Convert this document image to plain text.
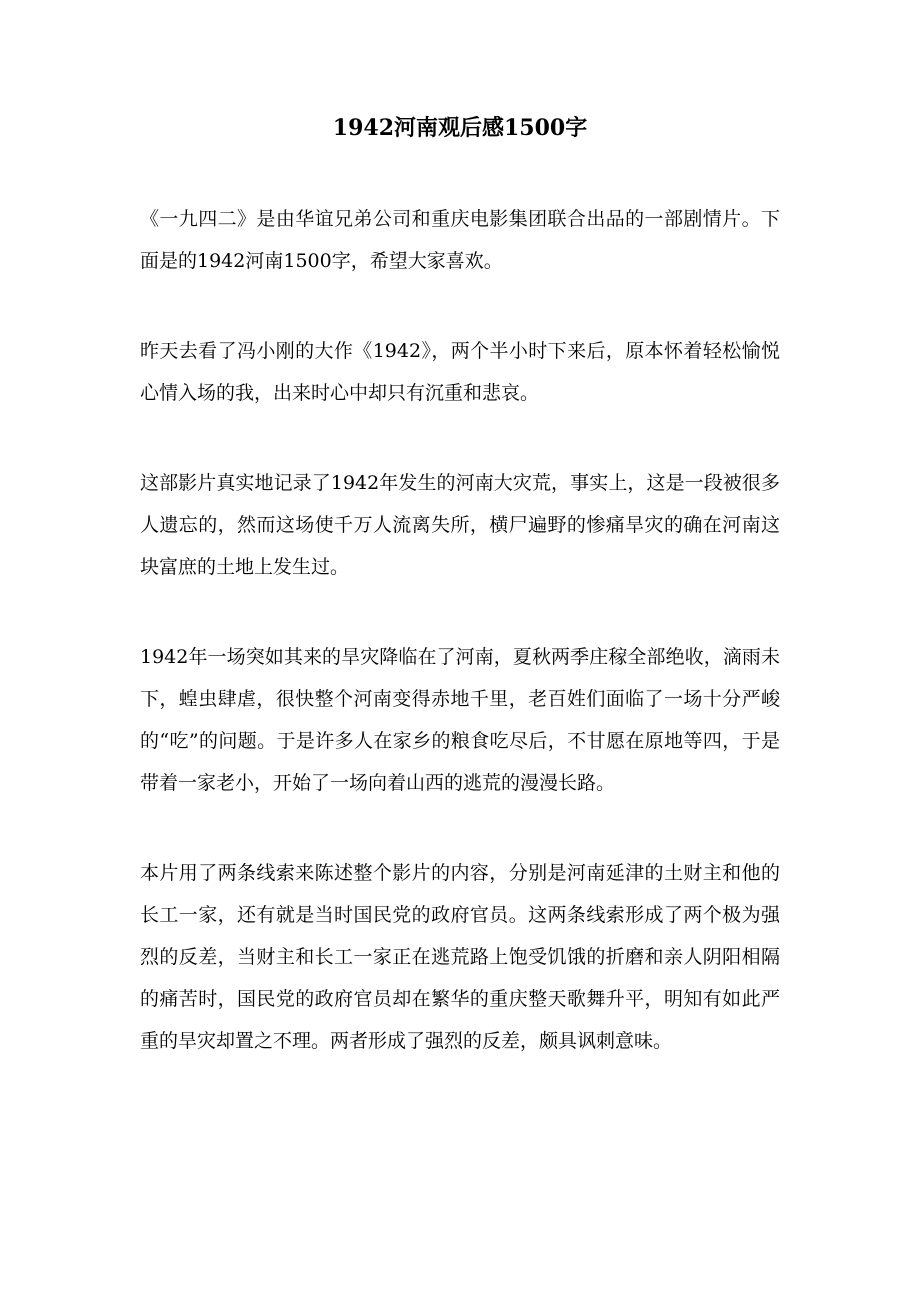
1942河南观后感1500字

《一九四二》是由华谊兄弟公司和重庆电影集团联合出品的一部剧情片。下面是的1942河南1500字，希望大家喜欢。

昨天去看了冯小刚的大作《1942》，两个半小时下来后，原本怀着轻松愉悦心情入场的我，出来时心中却只有沉重和悲哀。

这部影片真实地记录了1942年发生的河南大灾荒，事实上，这是一段被很多人遗忘的，然而这场使千万人流离失所，横尸遍野的惨痛旱灾的确在河南这块富庶的土地上发生过。

1942年一场突如其来的旱灾降临在了河南，夏秋两季庄稼全部绝收，滴雨未下，蝗虫肆虐，很快整个河南变得赤地千里，老百姓们面临了一场十分严峻的“吃”的问题。于是许多人在家乡的粮食吃尽后，不甘愿在原地等四，于是带着一家老小，开始了一场向着山西的逃荒的漫漫长路。

本片用了两条线索来陈述整个影片的内容，分别是河南延津的土财主和他的长工一家，还有就是当时国民党的政府官员。这两条线索形成了两个极为强烈的反差，当财主和长工一家正在逃荒路上饱受饥饿的折磨和亲人阴阳相隔的痛苦时，国民党的政府官员却在繁华的重庆整天歌舞升平，明知有如此严重的旱灾却置之不理。两者形成了强烈的反差，颇具讽刺意味。
